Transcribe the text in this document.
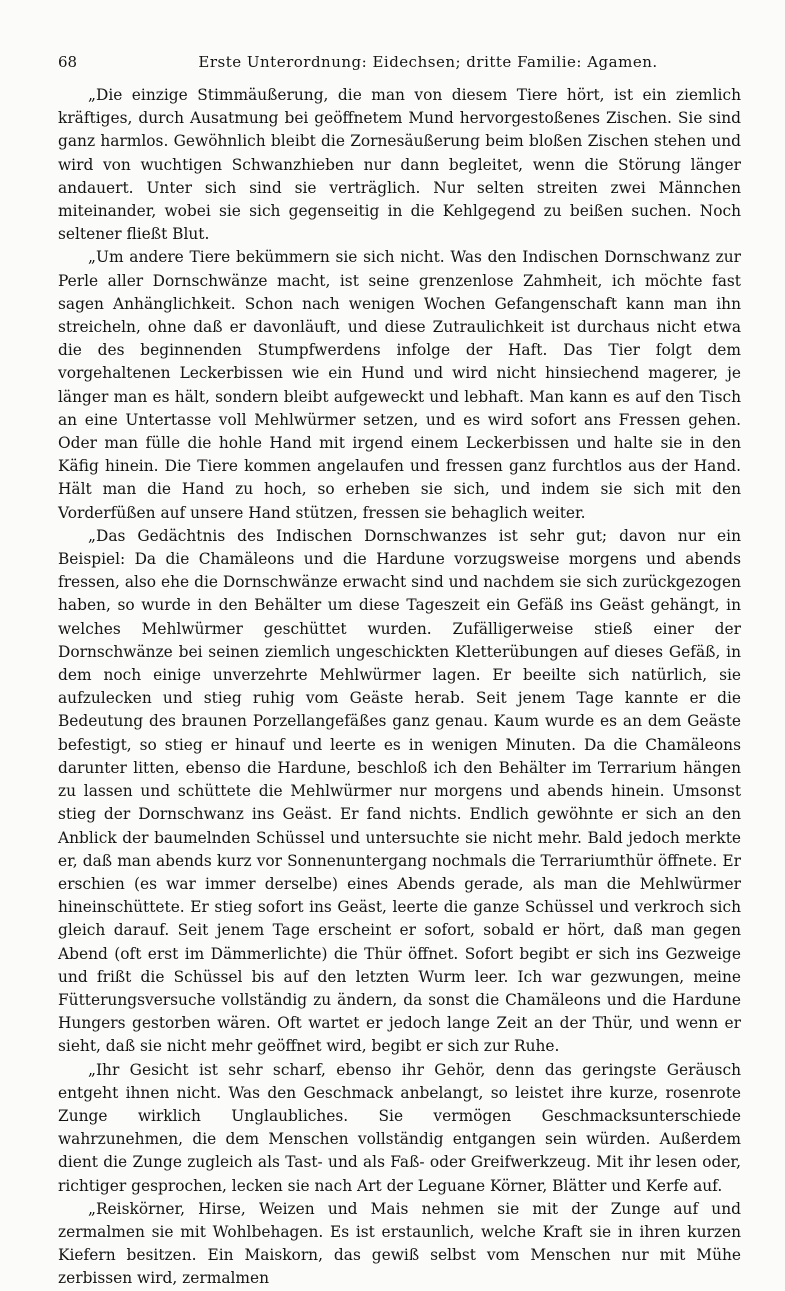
68	Erste Unterordnung: Eidechsen; dritte Familie: Agamen.

„Die einzige Stimmäußerung, die man von diesem Tiere hört, ist ein ziemlich kräftiges, durch Ausatmung bei geöffnetem Mund hervorgestoßenes Zischen. Sie sind ganz harmlos. Gewöhnlich bleibt die Zornesäußerung beim bloßen Zischen stehen und wird von wuchtigen Schwanzhieben nur dann begleitet, wenn die Störung länger andauert. Unter sich sind sie verträglich. Nur selten streiten zwei Männchen miteinander, wobei sie sich gegenseitig in die Kehlgegend zu beißen suchen. Noch seltener fließt Blut.

„Um andere Tiere bekümmern sie sich nicht. Was den Indischen Dornschwanz zur Perle aller Dornschwänze macht, ist seine grenzenlose Zahmheit, ich möchte fast sagen Anhänglichkeit. Schon nach wenigen Wochen Gefangenschaft kann man ihn streicheln, ohne daß er davonläuft, und diese Zutraulichkeit ist durchaus nicht etwa die des beginnenden Stumpfwerdens infolge der Haft. Das Tier folgt dem vorgehaltenen Leckerbissen wie ein Hund und wird nicht hinsiechend magerer, je länger man es hält, sondern bleibt aufgeweckt und lebhaft. Man kann es auf den Tisch an eine Untertasse voll Mehlwürmer setzen, und es wird sofort ans Fressen gehen. Oder man fülle die hohle Hand mit irgend einem Leckerbissen und halte sie in den Käfig hinein. Die Tiere kommen angelaufen und fressen ganz furchtlos aus der Hand. Hält man die Hand zu hoch, so erheben sie sich, und indem sie sich mit den Vorderfüßen auf unsere Hand stützen, fressen sie behaglich weiter.

„Das Gedächtnis des Indischen Dornschwanzes ist sehr gut; davon nur ein Beispiel: Da die Chamäleons und die Hardune vorzugsweise morgens und abends fressen, also ehe die Dornschwänze erwacht sind und nachdem sie sich zurückgezogen haben, so wurde in den Behälter um diese Tageszeit ein Gefäß ins Geäst gehängt, in welches Mehlwürmer geschüttet wurden. Zufälligerweise stieß einer der Dornschwänze bei seinen ziemlich ungeschickten Kletterübungen auf dieses Gefäß, in dem noch einige unverzehrte Mehlwürmer lagen. Er beeilte sich natürlich, sie aufzulecken und stieg ruhig vom Geäste herab. Seit jenem Tage kannte er die Bedeutung des braunen Porzellangefäßes ganz genau. Kaum wurde es an dem Geäste befestigt, so stieg er hinauf und leerte es in wenigen Minuten. Da die Chamäleons darunter litten, ebenso die Hardune, beschloß ich den Behälter im Terrarium hängen zu lassen und schüttete die Mehlwürmer nur morgens und abends hinein. Umsonst stieg der Dornschwanz ins Geäst. Er fand nichts. Endlich gewöhnte er sich an den Anblick der baumelnden Schüssel und untersuchte sie nicht mehr. Bald jedoch merkte er, daß man abends kurz vor Sonnenuntergang nochmals die Terrariumthür öffnete. Er erschien (es war immer derselbe) eines Abends gerade, als man die Mehlwürmer hineinschüttete. Er stieg sofort ins Geäst, leerte die ganze Schüssel und verkroch sich gleich darauf. Seit jenem Tage erscheint er sofort, sobald er hört, daß man gegen Abend (oft erst im Dämmerlichte) die Thür öffnet. Sofort begibt er sich ins Gezweige und frißt die Schüssel bis auf den letzten Wurm leer. Ich war gezwungen, meine Fütterungsversuche vollständig zu ändern, da sonst die Chamäleons und die Hardune Hungers gestorben wären. Oft wartet er jedoch lange Zeit an der Thür, und wenn er sieht, daß sie nicht mehr geöffnet wird, begibt er sich zur Ruhe.

„Ihr Gesicht ist sehr scharf, ebenso ihr Gehör, denn das geringste Geräusch entgeht ihnen nicht. Was den Geschmack anbelangt, so leistet ihre kurze, rosenrote Zunge wirklich Unglaubliches. Sie vermögen Geschmacksunterschiede wahrzunehmen, die dem Menschen vollständig entgangen sein würden. Außerdem dient die Zunge zugleich als Tast- und als Faß- oder Greifwerkzeug. Mit ihr lesen oder, richtiger gesprochen, lecken sie nach Art der Leguane Körner, Blätter und Kerfe auf.

„Reiskörner, Hirse, Weizen und Mais nehmen sie mit der Zunge auf und zermalmen sie mit Wohlbehagen. Es ist erstaunlich, welche Kraft sie in ihren kurzen Kiefern besitzen. Ein Maiskorn, das gewiß selbst vom Menschen nur mit Mühe zerbissen wird, zermalmen
